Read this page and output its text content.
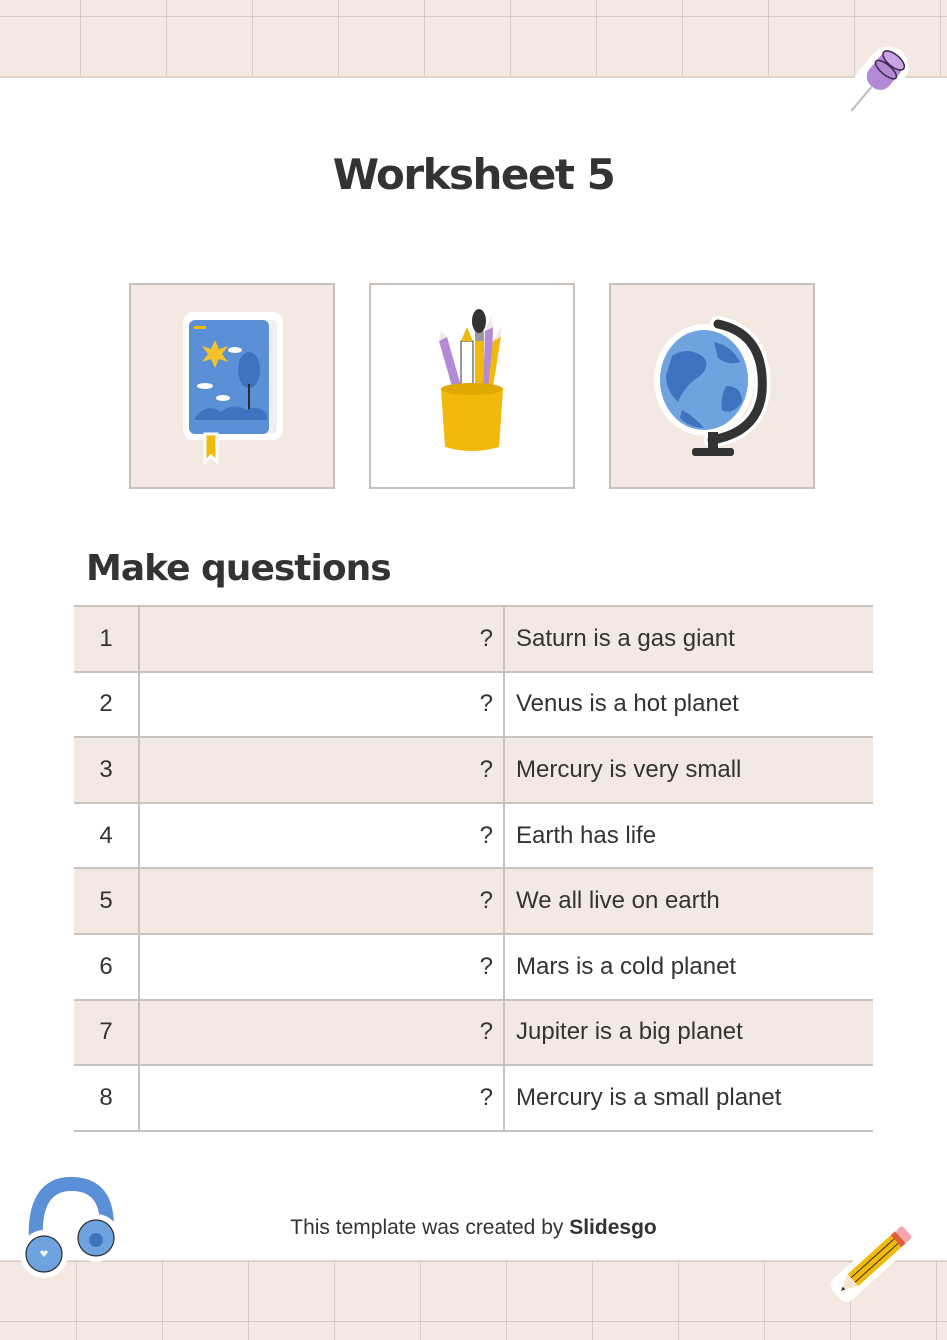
Worksheet 5
Make questions
1	?	Saturn is a gas giant
2	?	Venus is a hot planet
3	?	Mercury is very small
4	?	Earth has life
5	?	We all live on earth
6	?	Mars is a cold planet
7	?	Jupiter is a big planet
8	?	Mercury is a small planet
This template was created by Slidesgo
